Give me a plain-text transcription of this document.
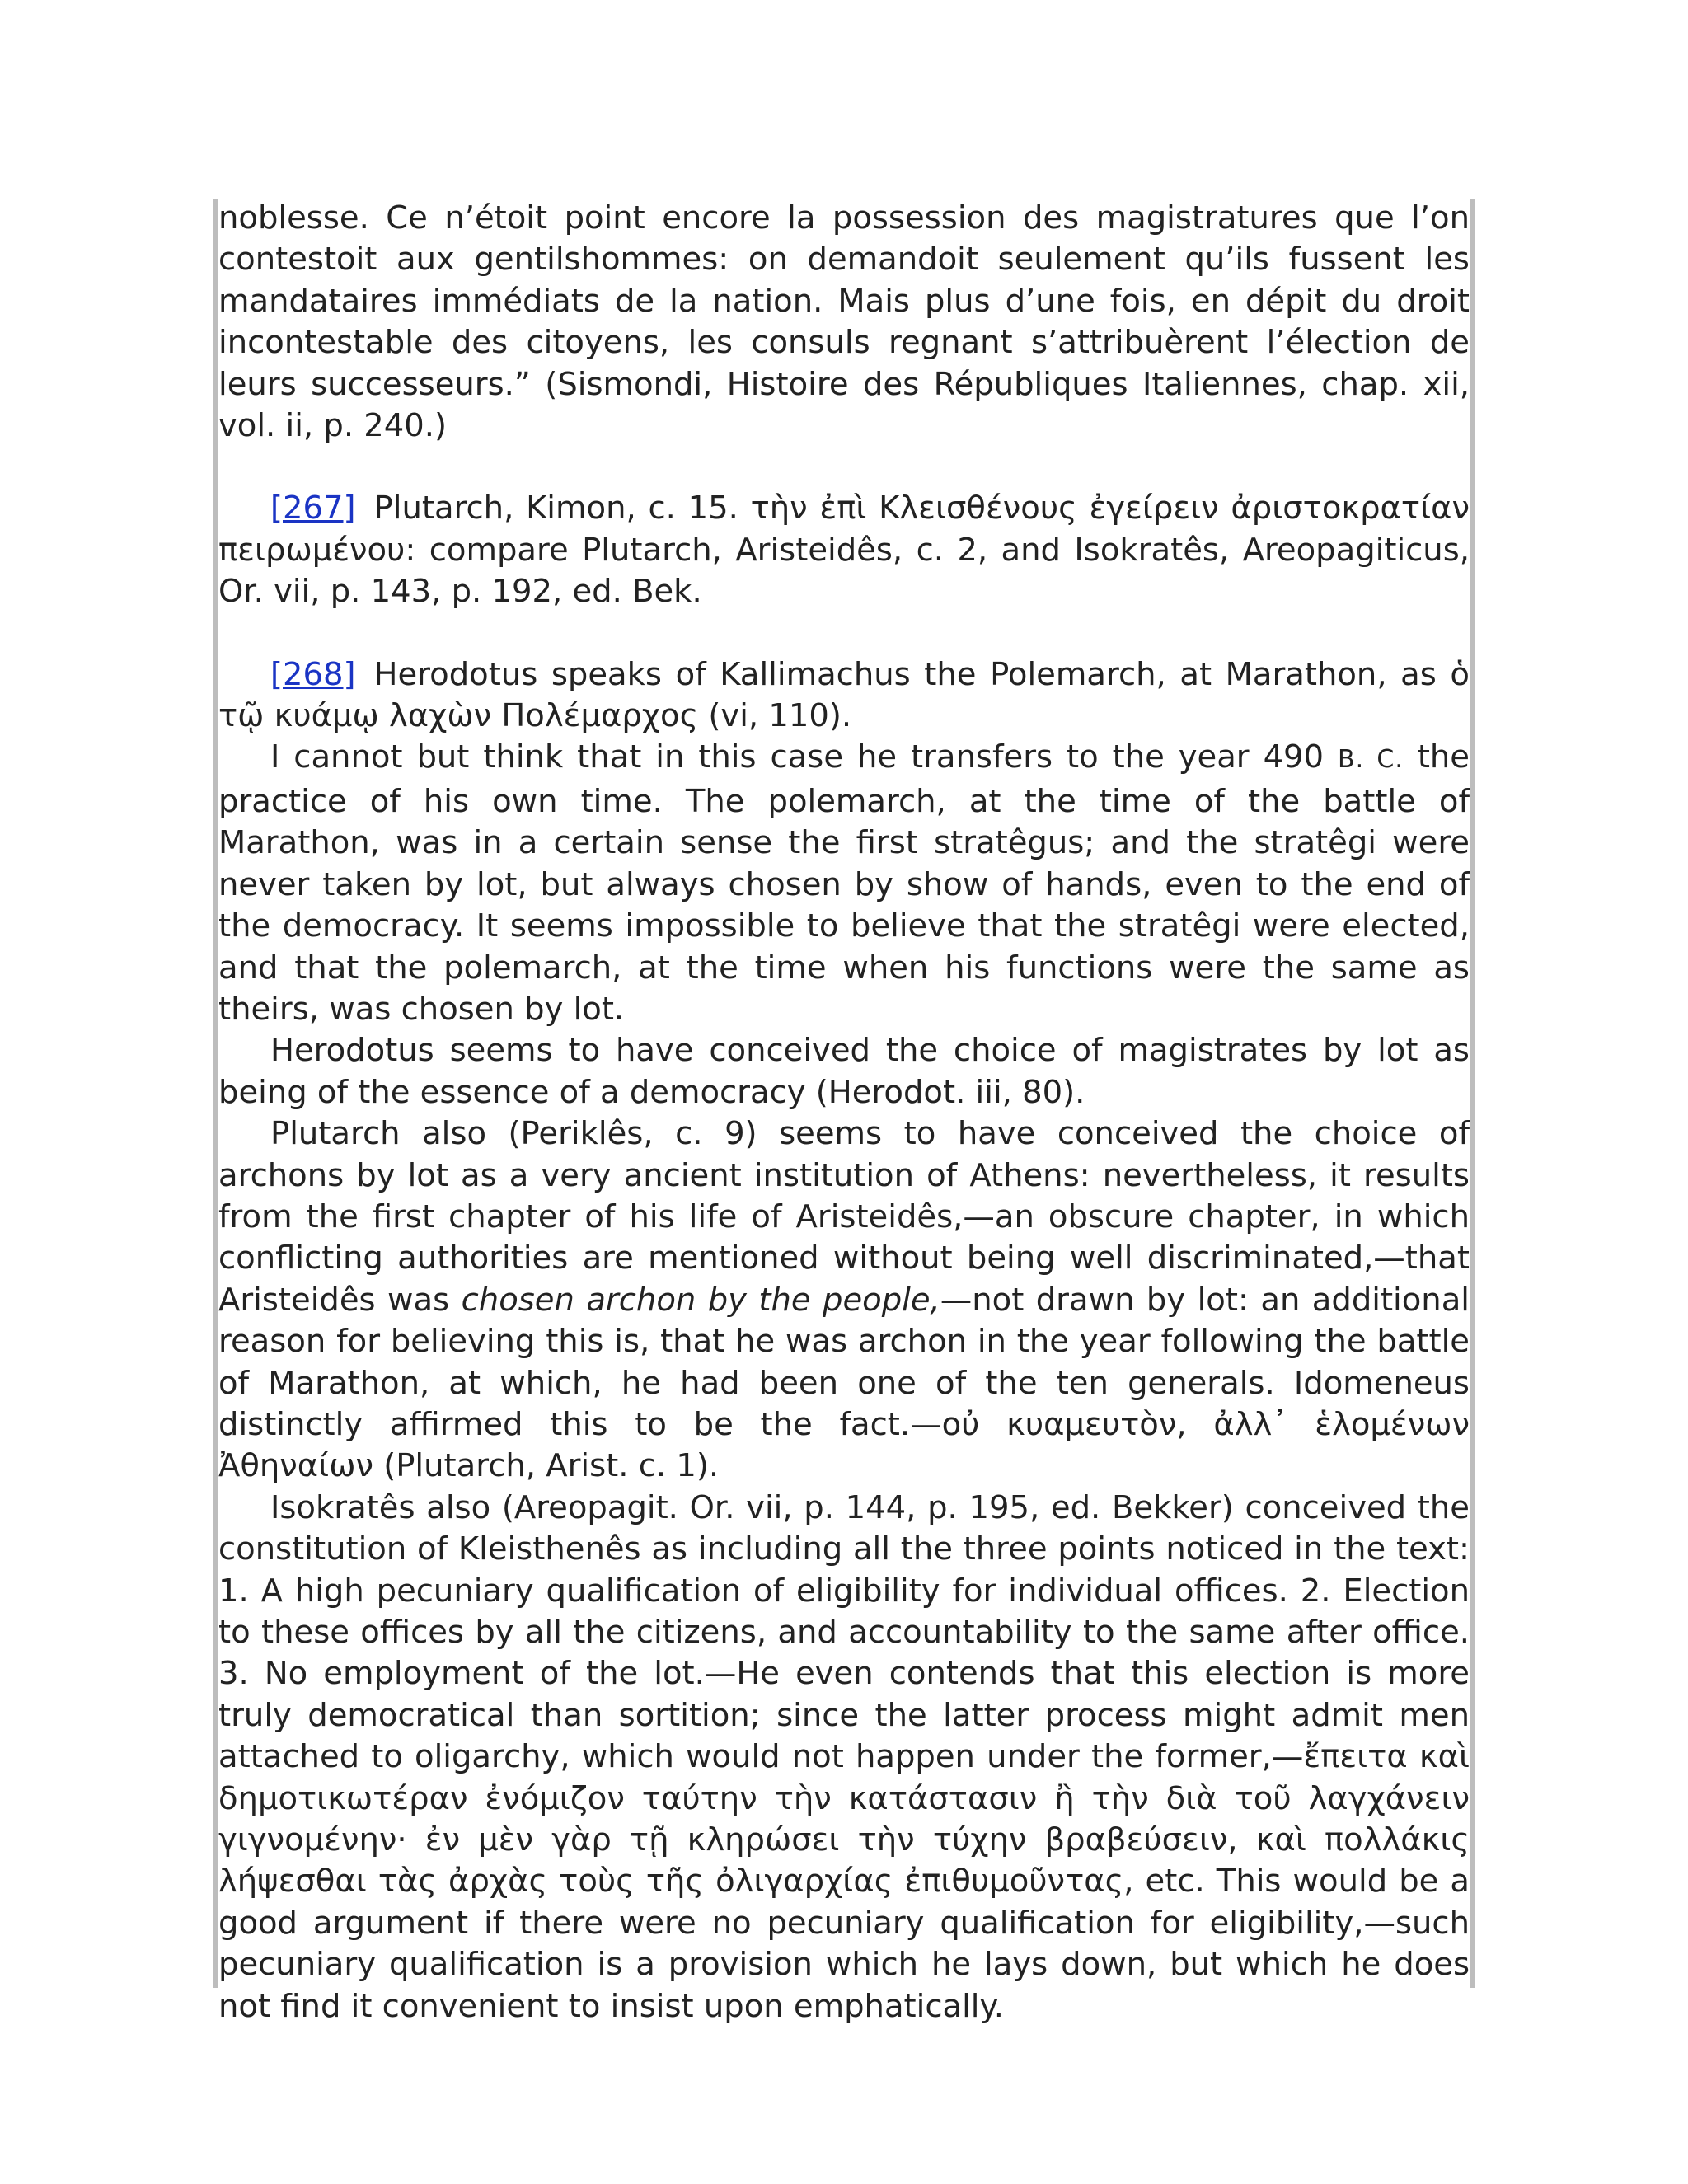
noblesse. Ce n’étoit point encore la possession des magistratures que l’on contestoit aux gentilshommes: on demandoit seulement qu’ils fussent les mandataires immédiats de la nation. Mais plus d’une fois, en dépit du droit incontestable des citoyens, les consuls regnant s’attribuèrent l’élection de leurs successeurs.” (Sismondi, Histoire des Républiques Italiennes, chap. xii, vol. ii, p. 240.)

[267] Plutarch, Kimon, c. 15. τὴν ἐπὶ Κλεισθένους ἐγείρειν ἀριστοκρατίαν πειρωμένου: compare Plutarch, Aristeidês, c. 2, and Isokratês, Areopagiticus, Or. vii, p. 143, p. 192, ed. Bek.

[268] Herodotus speaks of Kallimachus the Polemarch, at Marathon, as ὁ τῷ κυάμῳ λαχὼν Πολέμαρχος (vi, 110).

I cannot but think that in this case he transfers to the year 490 B. C. the practice of his own time. The polemarch, at the time of the battle of Marathon, was in a certain sense the first stratêgus; and the stratêgi were never taken by lot, but always chosen by show of hands, even to the end of the democracy. It seems impossible to believe that the stratêgi were elected, and that the polemarch, at the time when his functions were the same as theirs, was chosen by lot.

Herodotus seems to have conceived the choice of magistrates by lot as being of the essence of a democracy (Herodot. iii, 80).

Plutarch also (Periklês, c. 9) seems to have conceived the choice of archons by lot as a very ancient institution of Athens: nevertheless, it results from the first chapter of his life of Aristeidês,—an obscure chapter, in which conflicting authorities are mentioned without being well discriminated,—that Aristeidês was chosen archon by the people,—not drawn by lot: an additional reason for believing this is, that he was archon in the year following the battle of Marathon, at which, he had been one of the ten generals. Idomeneus distinctly affirmed this to be the fact.—οὐ κυαμευτὸν, ἀλλ᾽ ἑλομένων Ἀθηναίων (Plutarch, Arist. c. 1).

Isokratês also (Areopagit. Or. vii, p. 144, p. 195, ed. Bekker) conceived the constitution of Kleisthenês as including all the three points noticed in the text: 1. A high pecuniary qualification of eligibility for individual offices. 2. Election to these offices by all the citizens, and accountability to the same after office. 3. No employment of the lot.—He even contends that this election is more truly democratical than sortition; since the latter process might admit men attached to oligarchy, which would not happen under the former,—ἔπειτα καὶ δημοτικωτέραν ἐνόμιζον ταύτην τὴν κατάστασιν ἢ τὴν διὰ τοῦ λαγχάνειν γιγνομένην· ἐν μὲν γὰρ τῇ κληρώσει τὴν τύχην βραβεύσειν, καὶ πολλάκις λήψεσθαι τὰς ἀρχὰς τοὺς τῆς ὀλιγαρχίας ἐπιθυμοῦντας, etc. This would be a good argument if there were no pecuniary qualification for eligibility,—such pecuniary qualification is a provision which he lays down, but which he does not find it convenient to insist upon emphatically.
